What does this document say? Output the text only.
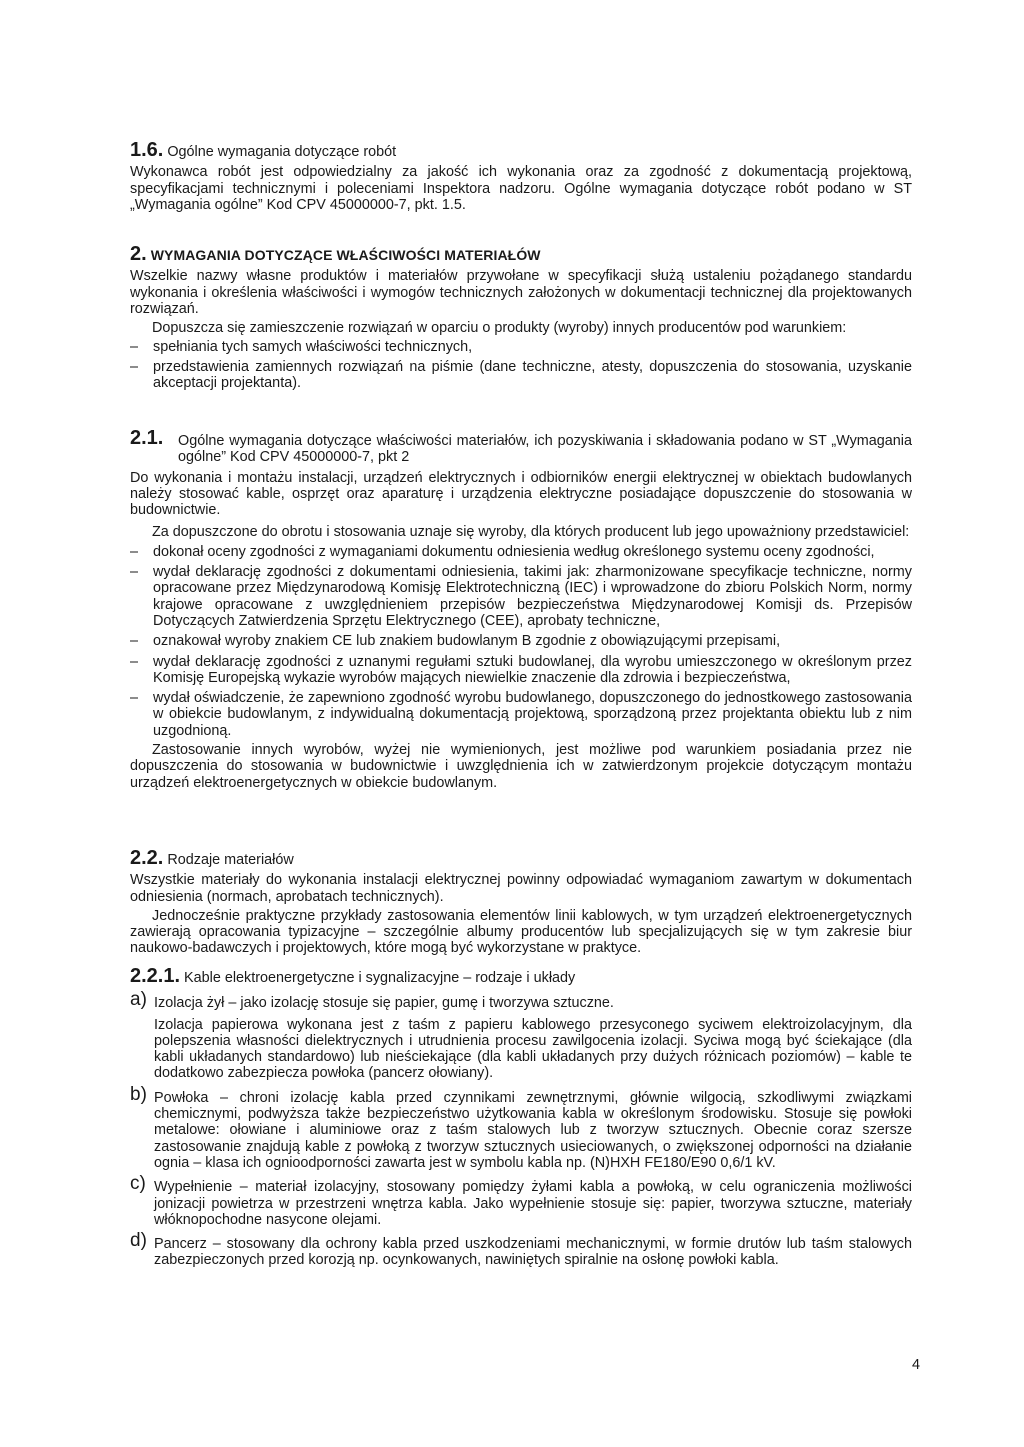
1.6. Ogólne wymagania dotyczące robót

Wykonawca robót jest odpowiedzialny za jakość ich wykonania oraz za zgodność z dokumentacją projektową, specyfikacjami technicznymi i poleceniami Inspektora nadzoru. Ogólne wymagania dotyczące robót podano w ST „Wymagania ogólne” Kod CPV 45000000-7, pkt. 1.5.

2. WYMAGANIA DOTYCZĄCE WŁAŚCIWOŚCI MATERIAŁÓW

Wszelkie nazwy własne produktów i materiałów przywołane w specyfikacji służą ustaleniu pożądanego standardu wykonania i określenia właściwości i wymogów technicznych założonych w dokumentacji technicznej dla projektowanych rozwiązań.

Dopuszcza się zamieszczenie rozwiązań w oparciu o produkty (wyroby) innych producentów pod warunkiem:

– spełniania tych samych właściwości technicznych,
– przedstawienia zamiennych rozwiązań na piśmie (dane techniczne, atesty, dopuszczenia do stosowania, uzyskanie akceptacji projektanta).
2.1. Ogólne wymagania dotyczące właściwości materiałów, ich pozyskiwania i składowania podano w ST „Wymagania ogólne” Kod CPV 45000000-7, pkt 2

Do wykonania i montażu instalacji, urządzeń elektrycznych i odbiorników energii elektrycznej w obiektach budowlanych należy stosować kable, osprzęt oraz aparaturę i urządzenia elektryczne posiadające dopuszczenie do stosowania w budownictwie.

Za dopuszczone do obrotu i stosowania uznaje się wyroby, dla których producent lub jego upoważniony przedstawiciel:

– dokonał oceny zgodności z wymaganiami dokumentu odniesienia według określonego systemu oceny zgodności,
– wydał deklarację zgodności z dokumentami odniesienia, takimi jak: zharmonizowane specyfikacje techniczne, normy opracowane przez Międzynarodową Komisję Elektrotechniczną (IEC) i wprowadzone do zbioru Polskich Norm, normy krajowe opracowane z uwzględnieniem przepisów bezpieczeństwa Międzynarodowej Komisji ds. Przepisów Dotyczących Zatwierdzenia Sprzętu Elektrycznego (CEE), aprobaty techniczne,
– oznakował wyroby znakiem CE lub znakiem budowlanym B zgodnie z obowiązującymi przepisami,
– wydał deklarację zgodności z uznanymi regułami sztuki budowlanej, dla wyrobu umieszczonego w określonym przez Komisję Europejską wykazie wyrobów mających niewielkie znaczenie dla zdrowia i bezpieczeństwa,
– wydał oświadczenie, że zapewniono zgodność wyrobu budowlanego, dopuszczonego do jednostkowego zastosowania w obiekcie budowlanym, z indywidualną dokumentacją projektową, sporządzoną przez projektanta obiektu lub z nim uzgodnioną.

Zastosowanie innych wyrobów, wyżej nie wymienionych, jest możliwe pod warunkiem posiadania przez nie dopuszczenia do stosowania w budownictwie i uwzględnienia ich w zatwierdzonym projekcie dotyczącym montażu urządzeń elektroenergetycznych w obiekcie budowlanym.

2.2. Rodzaje materiałów

Wszystkie materiały do wykonania instalacji elektrycznej powinny odpowiadać wymaganiom zawartym w dokumentach odniesienia (normach, aprobatach technicznych).

Jednocześnie praktyczne przykłady zastosowania elementów linii kablowych, w tym urządzeń elektroenergetycznych zawierają opracowania typizacyjne – szczególnie albumy producentów lub specjalizujących się w tym zakresie biur naukowo-badawczych i projektowych, które mogą być wykorzystane w praktyce.

2.2.1. Kable elektroenergetyczne i sygnalizacyjne – rodzaje i układy

a) Izolacja żył – jako izolację stosuje się papier, gumę i tworzywa sztuczne.

Izolacja papierowa wykonana jest z taśm z papieru kablowego przesyconego syciwem elektroizolacyjnym, dla polepszenia własności dielektrycznych i utrudnienia procesu zawilgocenia izolacji. Syciwa mogą być ściekające (dla kabli układanych standardowo) lub nieściekające (dla kabli układanych przy dużych różnicach poziomów) – kable te dodatkowo zabezpiecza powłoka (pancerz ołowiany).

b) Powłoka – chroni izolację kabla przed czynnikami zewnętrznymi, głównie wilgocią, szkodliwymi związkami chemicznymi, podwyższa także bezpieczeństwo użytkowania kabla w określonym środowisku. Stosuje się powłoki metalowe: ołowiane i aluminiowe oraz z taśm stalowych lub z tworzyw sztucznych. Obecnie coraz szersze zastosowanie znajdują kable z powłoką z tworzyw sztucznych usieciowanych, o zwiększonej odporności na działanie ognia – klasa ich ognioodporności zawarta jest w symbolu kabla np. (N)HXH FE180/E90 0,6/1 kV.

c) Wypełnienie – materiał izolacyjny, stosowany pomiędzy żyłami kabla a powłoką, w celu ograniczenia możliwości jonizacji powietrza w przestrzeni wnętrza kabla. Jako wypełnienie stosuje się: papier, tworzywa sztuczne, materiały włóknopochodne nasycone olejami.

d) Pancerz – stosowany dla ochrony kabla przed uszkodzeniami mechanicznymi, w formie drutów lub taśm stalowych zabezpieczonych przed korozją np. ocynkowanych, nawiniętych spiralnie na osłonę powłoki kabla.

4
